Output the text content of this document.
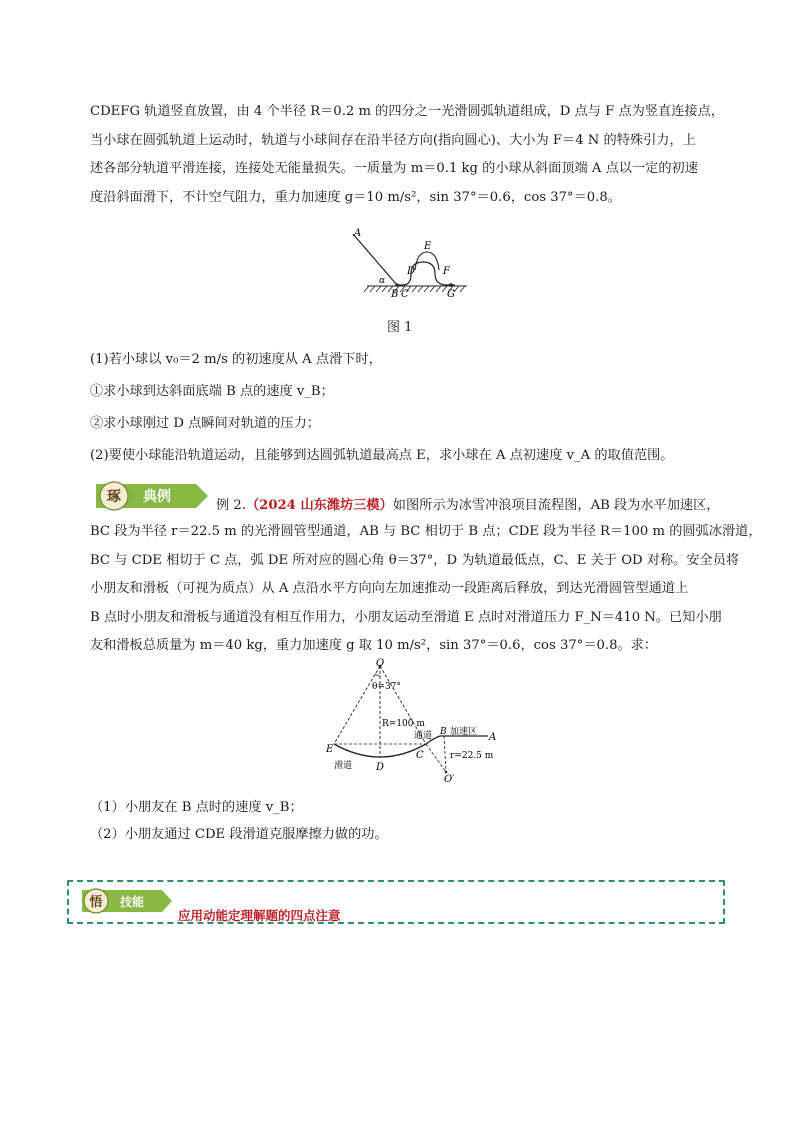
CDEFG 轨道竖直放置，由 4 个半径 R＝0.2 m 的四分之一光滑圆弧轨道组成，D 点与 F 点为竖直连接点，
当小球在圆弧轨道上运动时，轨道与小球间存在沿半径方向(指向圆心)、大小为 F＝4 N 的特殊引力，上
述各部分轨道平滑连接，连接处无能量损失。一质量为 m＝0.1 kg 的小球从斜面顶端 A 点以一定的初速
度沿斜面滑下，不计空气阻力，重力加速度 g＝10 m/s²，sin 37°＝0.6，cos 37°＝0.8。
A
α
B C
D
E
F
G
图 1
(1)若小球以 v₀＝2 m/s 的初速度从 A 点滑下时，
①求小球到达斜面底端 B 点的速度 v_B；
②求小球刚过 D 点瞬间对轨道的压力；
(2)要使小球能沿轨道运动，且能够到达圆弧轨道最高点 E，求小球在 A 点初速度 v_A 的取值范围。
琢 典例
例 2.（2024 山东潍坊三模）如图所示为冰雪冲浪项目流程图，AB 段为水平加速区，
BC 段为半径 r＝22.5 m 的光滑圆管型通道，AB 与 BC 相切于 B 点；CDE 段为半径 R＝100 m 的圆弧冰滑道，
BC 与 CDE 相切于 C 点，弧 DE 所对应的圆心角 θ＝37°，D 为轨道最低点，C、E 关于 OD 对称。安全员将
小朋友和滑板（可视为质点）从 A 点沿水平方向向左加速推动一段距离后释放，到达光滑圆管型通道上
B 点时小朋友和滑板与通道没有相互作用力，小朋友运动至滑道 E 点时对滑道压力 F_N＝410 N。已知小朋
友和滑板总质量为 m＝40 kg，重力加速度 g 取 10 m/s²，sin 37°＝0.6，cos 37°＝0.8。求：
O
θ=37°
R=100 m
加速区
B	A
通道
E
D
C	r=22.5 m
滑道
O′
（1）小朋友在 B 点时的速度 v_B；
（2）小朋友通过 CDE 段滑道克服摩擦力做的功。
悟 技能
应用动能定理解题的四点注意
